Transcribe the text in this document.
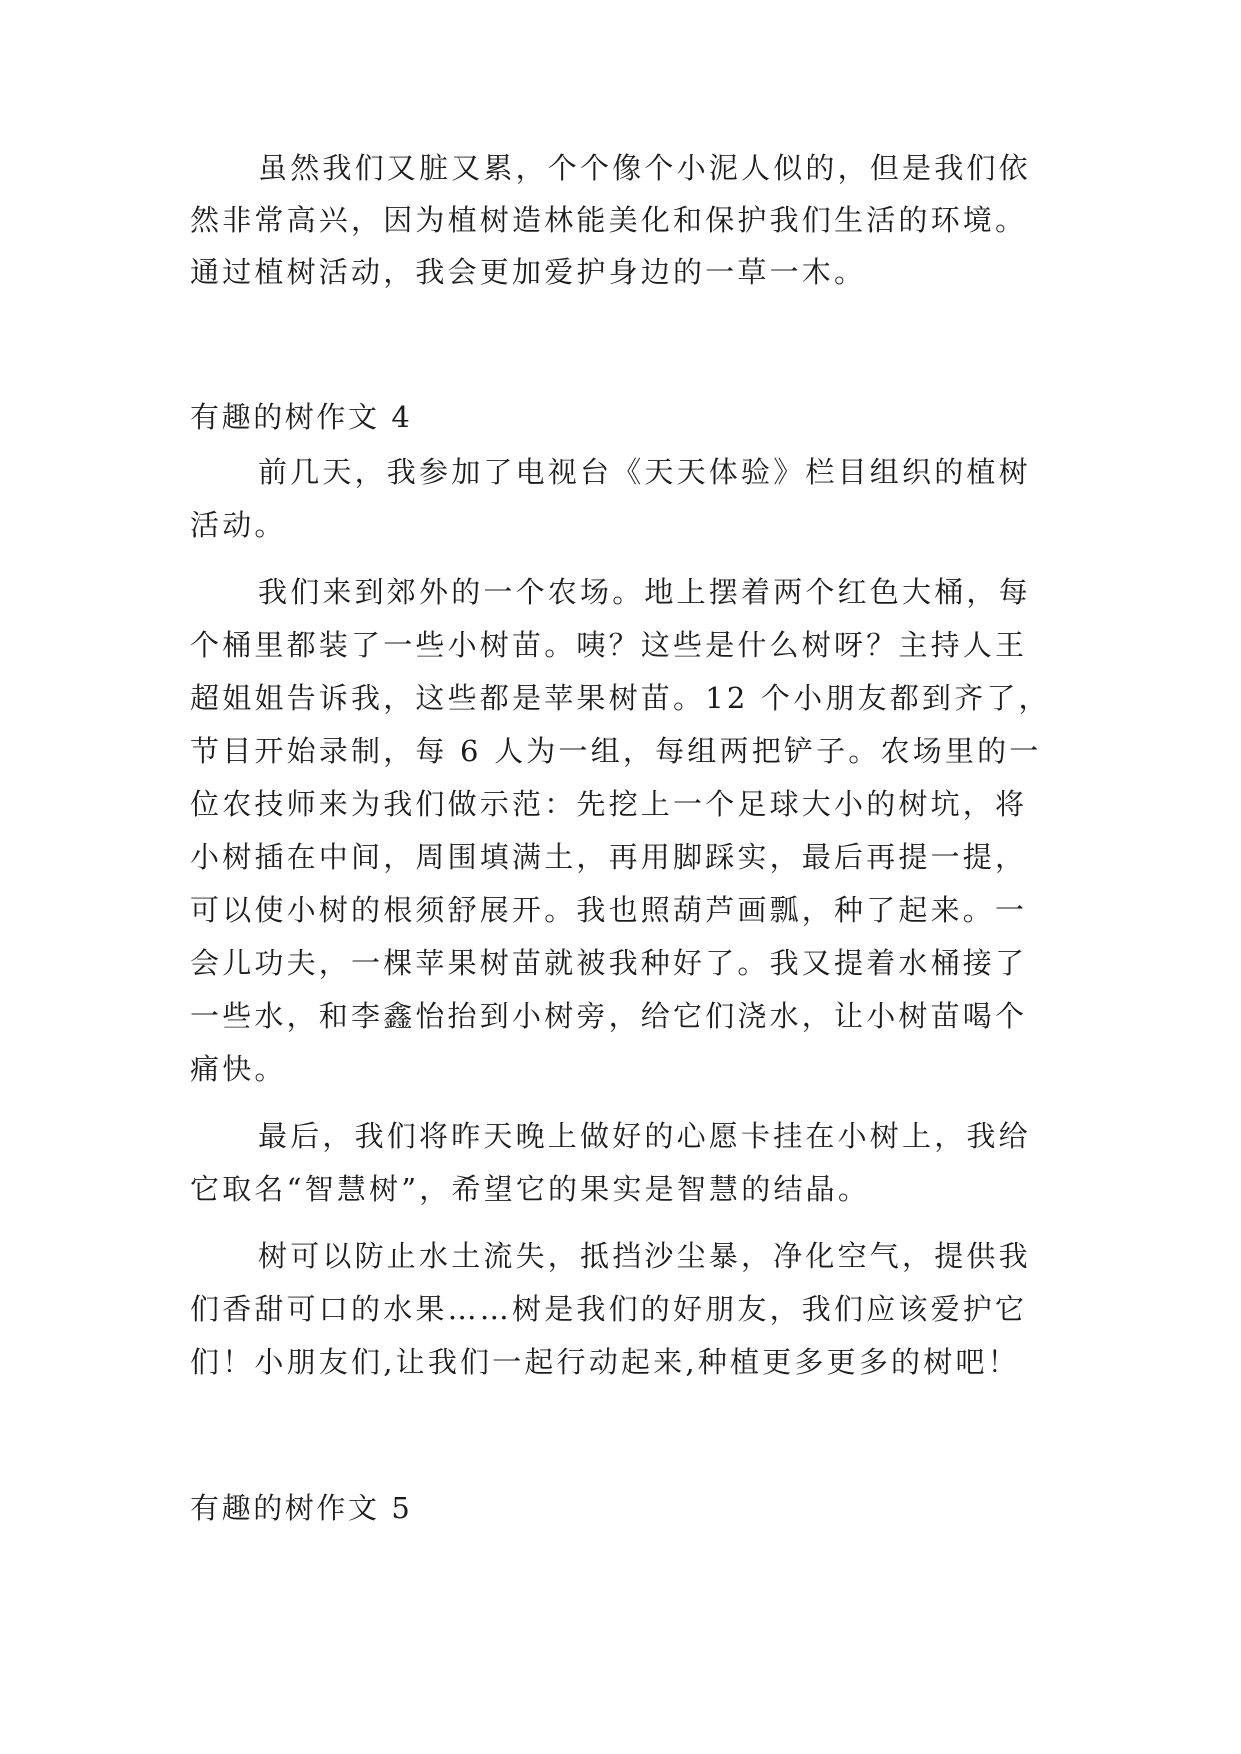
虽然我们又脏又累，个个像个小泥人似的，但是我们依

然非常高兴，因为植树造林能美化和保护我们生活的环境。

通过植树活动，我会更加爱护身边的一草一木。

有趣的树作文 4

前几天，我参加了电视台《天天体验》栏目组织的植树

活动。

我们来到郊外的一个农场。地上摆着两个红色大桶，每

个桶里都装了一些小树苗。咦？这些是什么树呀？主持人王

超姐姐告诉我，这些都是苹果树苗。12 个小朋友都到齐了，

节目开始录制，每 6 人为一组，每组两把铲子。农场里的一

位农技师来为我们做示范：先挖上一个足球大小的树坑，将

小树插在中间，周围填满土，再用脚踩实，最后再提一提，

可以使小树的根须舒展开。我也照葫芦画瓢，种了起来。一

会儿功夫，一棵苹果树苗就被我种好了。我又提着水桶接了

一些水，和李鑫怡抬到小树旁，给它们浇水，让小树苗喝个

痛快。

最后，我们将昨天晚上做好的心愿卡挂在小树上，我给

它取名“智慧树”，希望它的果实是智慧的结晶。

树可以防止水土流失，抵挡沙尘暴，净化空气，提供我

们香甜可口的水果……树是我们的好朋友，我们应该爱护它

们！小朋友们,让我们一起行动起来,种植更多更多的树吧！

有趣的树作文 5
